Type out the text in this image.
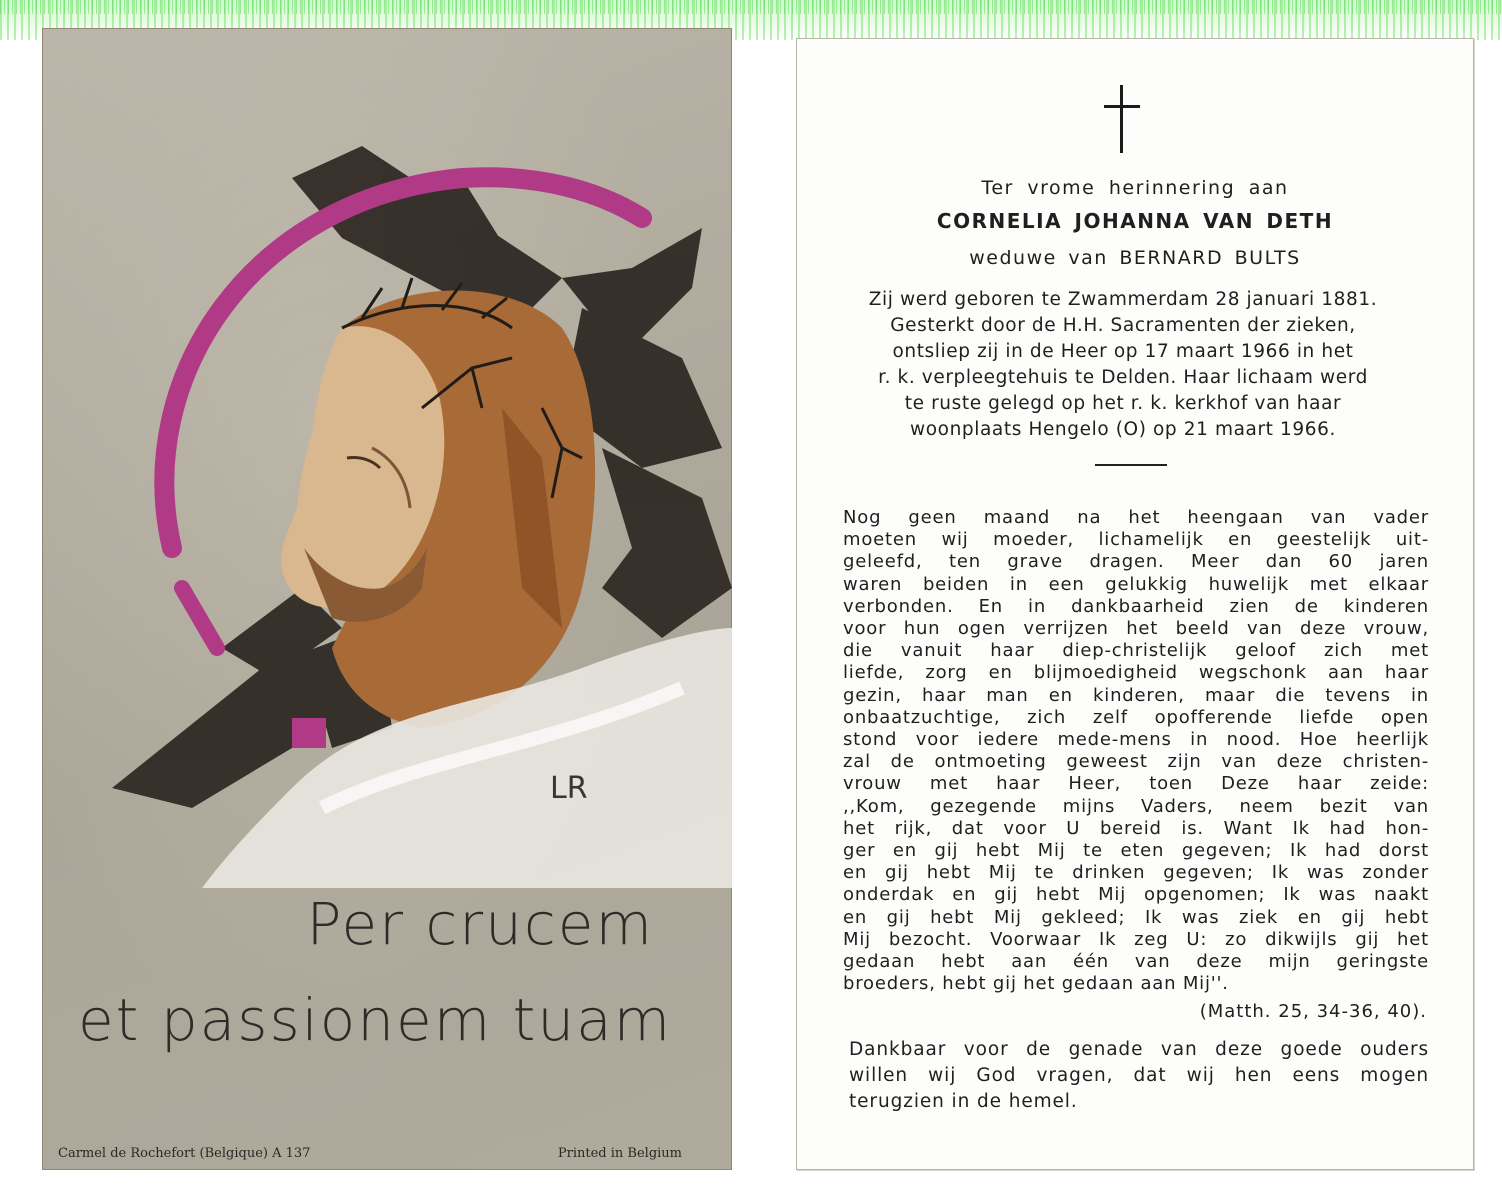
LR
Per crucem
et passionem tuam
Carmel de Rochefort (Belgique) A 137	Printed in Belgium
Ter vrome herinnering aan
CORNELIA JOHANNA VAN DETH
weduwe van BERNARD BULTS
Zij werd geboren te Zwammerdam 28 januari 1881.
Gesterkt door de H.H. Sacramenten der zieken,
ontsliep zij in de Heer op 17 maart 1966 in het
r. k. verpleegtehuis te Delden. Haar lichaam werd
te ruste gelegd op het r. k. kerkhof van haar
woonplaats Hengelo (O) op 21 maart 1966.
Nog geen maand na het heengaan van vader
moeten wij moeder, lichamelijk en geestelijk uit-
geleefd, ten grave dragen. Meer dan 60 jaren
waren beiden in een gelukkig huwelijk met elkaar
verbonden. En in dankbaarheid zien de kinderen
voor hun ogen verrijzen het beeld van deze vrouw,
die vanuit haar diep-christelijk geloof zich met
liefde, zorg en blijmoedigheid wegschonk aan haar
gezin, haar man en kinderen, maar die tevens in
onbaatzuchtige, zich zelf opofferende liefde open
stond voor iedere mede-mens in nood. Hoe heerlijk
zal de ontmoeting geweest zijn van deze christen-
vrouw met haar Heer, toen Deze haar zeide:
,,Kom, gezegende mijns Vaders, neem bezit van
het rijk, dat voor U bereid is. Want Ik had hon-
ger en gij hebt Mij te eten gegeven; Ik had dorst
en gij hebt Mij te drinken gegeven; Ik was zonder
onderdak en gij hebt Mij opgenomen; Ik was naakt
en gij hebt Mij gekleed; Ik was ziek en gij hebt
Mij bezocht. Voorwaar Ik zeg U: zo dikwijls gij het
gedaan hebt aan één van deze mijn geringste
broeders, hebt gij het gedaan aan Mij''.
(Matth. 25, 34-36, 40).
Dankbaar voor de genade van deze goede ouders
willen wij God vragen, dat wij hen eens mogen
terugzien in de hemel.
